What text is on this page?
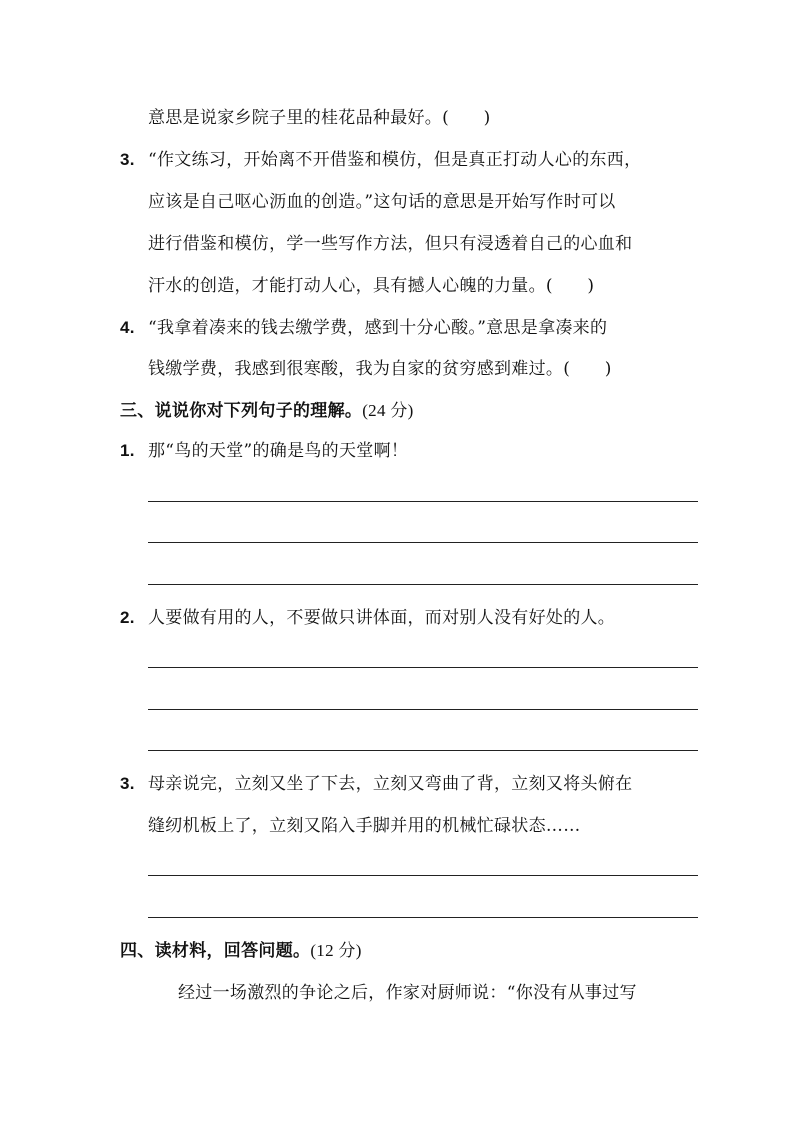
意思是说家乡院子里的桂花品种最好。(　　)
3. “作文练习，开始离不开借鉴和模仿，但是真正打动人心的东西，
应该是自己呕心沥血的创造。”这句话的意思是开始写作时可以
进行借鉴和模仿，学一些写作方法，但只有浸透着自己的心血和
汗水的创造，才能打动人心，具有撼人心魄的力量。(　　)
4. “我拿着凑来的钱去缴学费，感到十分心酸。”意思是拿凑来的
钱缴学费，我感到很寒酸，我为自家的贫穷感到难过。(　　)
三、说说你对下列句子的理解。(24 分)
1. 那“鸟的天堂”的确是鸟的天堂啊！
2. 人要做有用的人，不要做只讲体面，而对别人没有好处的人。
3. 母亲说完，立刻又坐了下去，立刻又弯曲了背，立刻又将头俯在
缝纫机板上了，立刻又陷入手脚并用的机械忙碌状态……
四、读材料，回答问题。(12 分)
经过一场激烈的争论之后，作家对厨师说：“你没有从事过写
